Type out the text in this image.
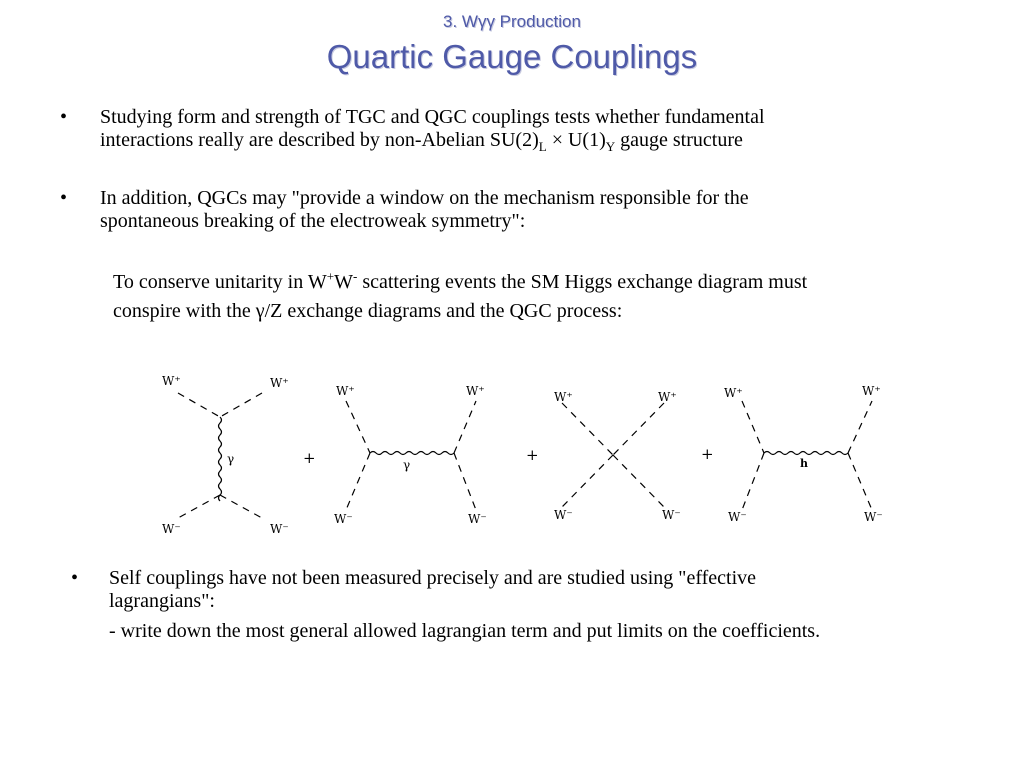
3. Wγγ Production
Quartic Gauge Couplings
• Studying form and strength of TGC and QGC couplings tests whether fundamental
interactions really are described by non-Abelian $SU(2)_L \times U(1)_Y$ gauge structure
• In addition, QGCs may "provide a window on the mechanism responsible for the
spontaneous breaking of the electroweak symmetry":
To conserve unitarity in W+W- scattering events the SM Higgs exchange diagram must
conspire with the γ/Z exchange diagrams and the QGC process:
W⁺	W⁺
γ
W⁻	W⁻
+
W⁺	W⁺
γ
W⁻	W⁻
+
W⁺	W⁺
W⁻	W⁻
+
W⁺	W⁺
h
W⁻	W⁻
• Self couplings have not been measured precisely and are studied using "effective
lagrangians":
- write down the most general allowed lagrangian term and put limits on the coefficients.
